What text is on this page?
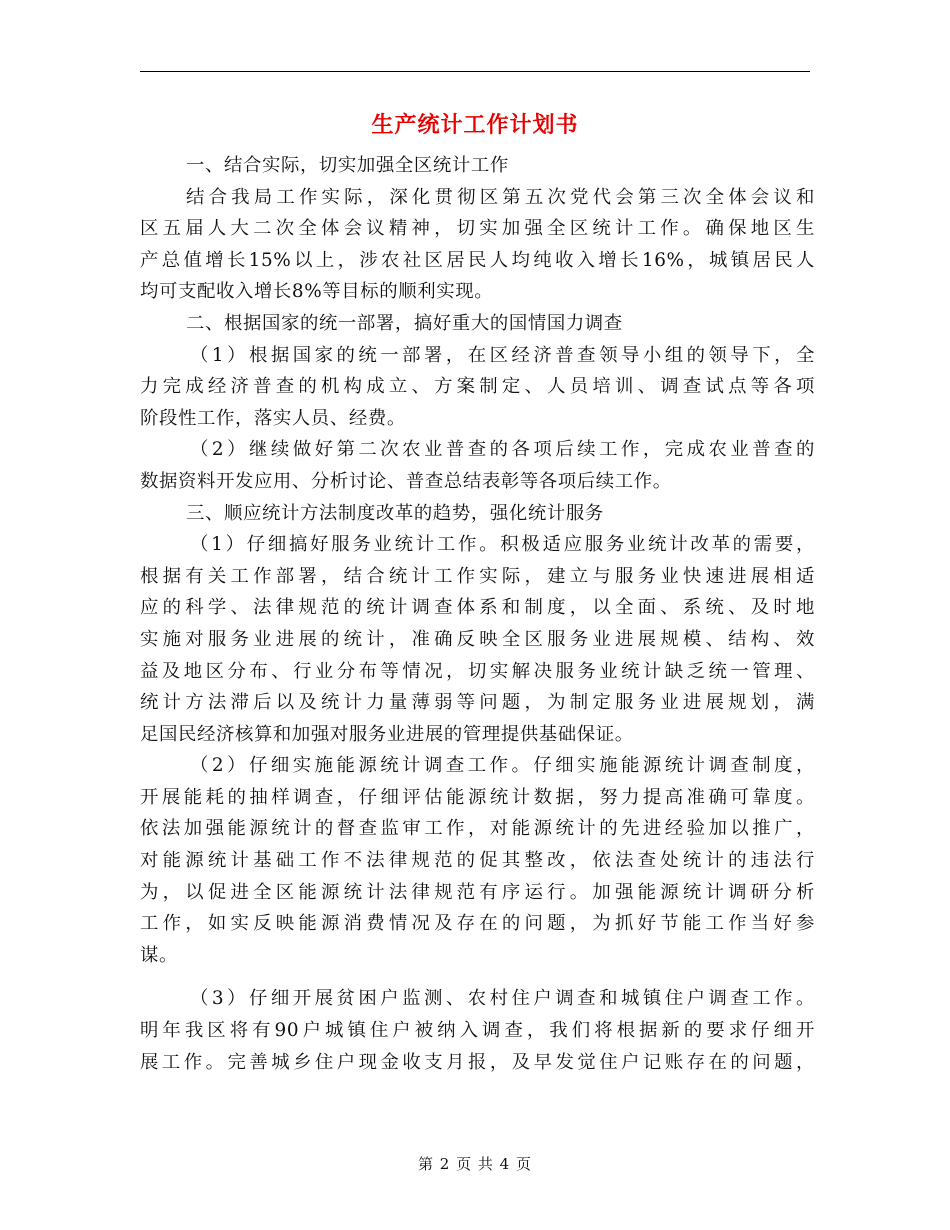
生产统计工作计划书
一、结合实际，切实加强全区统计工作
结合我局工作实际，深化贯彻区第五次党代会第三次全体会议和
区五届人大二次全体会议精神，切实加强全区统计工作。确保地区生
产总值增长15%以上，涉农社区居民人均纯收入增长16%，城镇居民人
均可支配收入增长8%等目标的顺利实现。
二、根据国家的统一部署，搞好重大的国情国力调查
（1）根据国家的统一部署，在区经济普查领导小组的领导下，全
力完成经济普查的机构成立、方案制定、人员培训、调查试点等各项
阶段性工作，落实人员、经费。
（2）继续做好第二次农业普查的各项后续工作，完成农业普查的
数据资料开发应用、分析讨论、普查总结表彰等各项后续工作。
三、顺应统计方法制度改革的趋势，强化统计服务
（1）仔细搞好服务业统计工作。积极适应服务业统计改革的需要，
根据有关工作部署，结合统计工作实际，建立与服务业快速进展相适
应的科学、法律规范的统计调查体系和制度，以全面、系统、及时地
实施对服务业进展的统计，准确反映全区服务业进展规模、结构、效
益及地区分布、行业分布等情况，切实解决服务业统计缺乏统一管理、
统计方法滞后以及统计力量薄弱等问题，为制定服务业进展规划，满
足国民经济核算和加强对服务业进展的管理提供基础保证。
（2）仔细实施能源统计调查工作。仔细实施能源统计调查制度，
开展能耗的抽样调查，仔细评估能源统计数据，努力提高准确可靠度。
依法加强能源统计的督查监审工作，对能源统计的先进经验加以推广，
对能源统计基础工作不法律规范的促其整改，依法查处统计的违法行
为，以促进全区能源统计法律规范有序运行。加强能源统计调研分析
工作，如实反映能源消费情况及存在的问题，为抓好节能工作当好参
谋。
（3）仔细开展贫困户监测、农村住户调查和城镇住户调查工作。
明年我区将有90户城镇住户被纳入调查，我们将根据新的要求仔细开
展工作。完善城乡住户现金收支月报，及早发觉住户记账存在的问题，
第 2 页 共 4 页
